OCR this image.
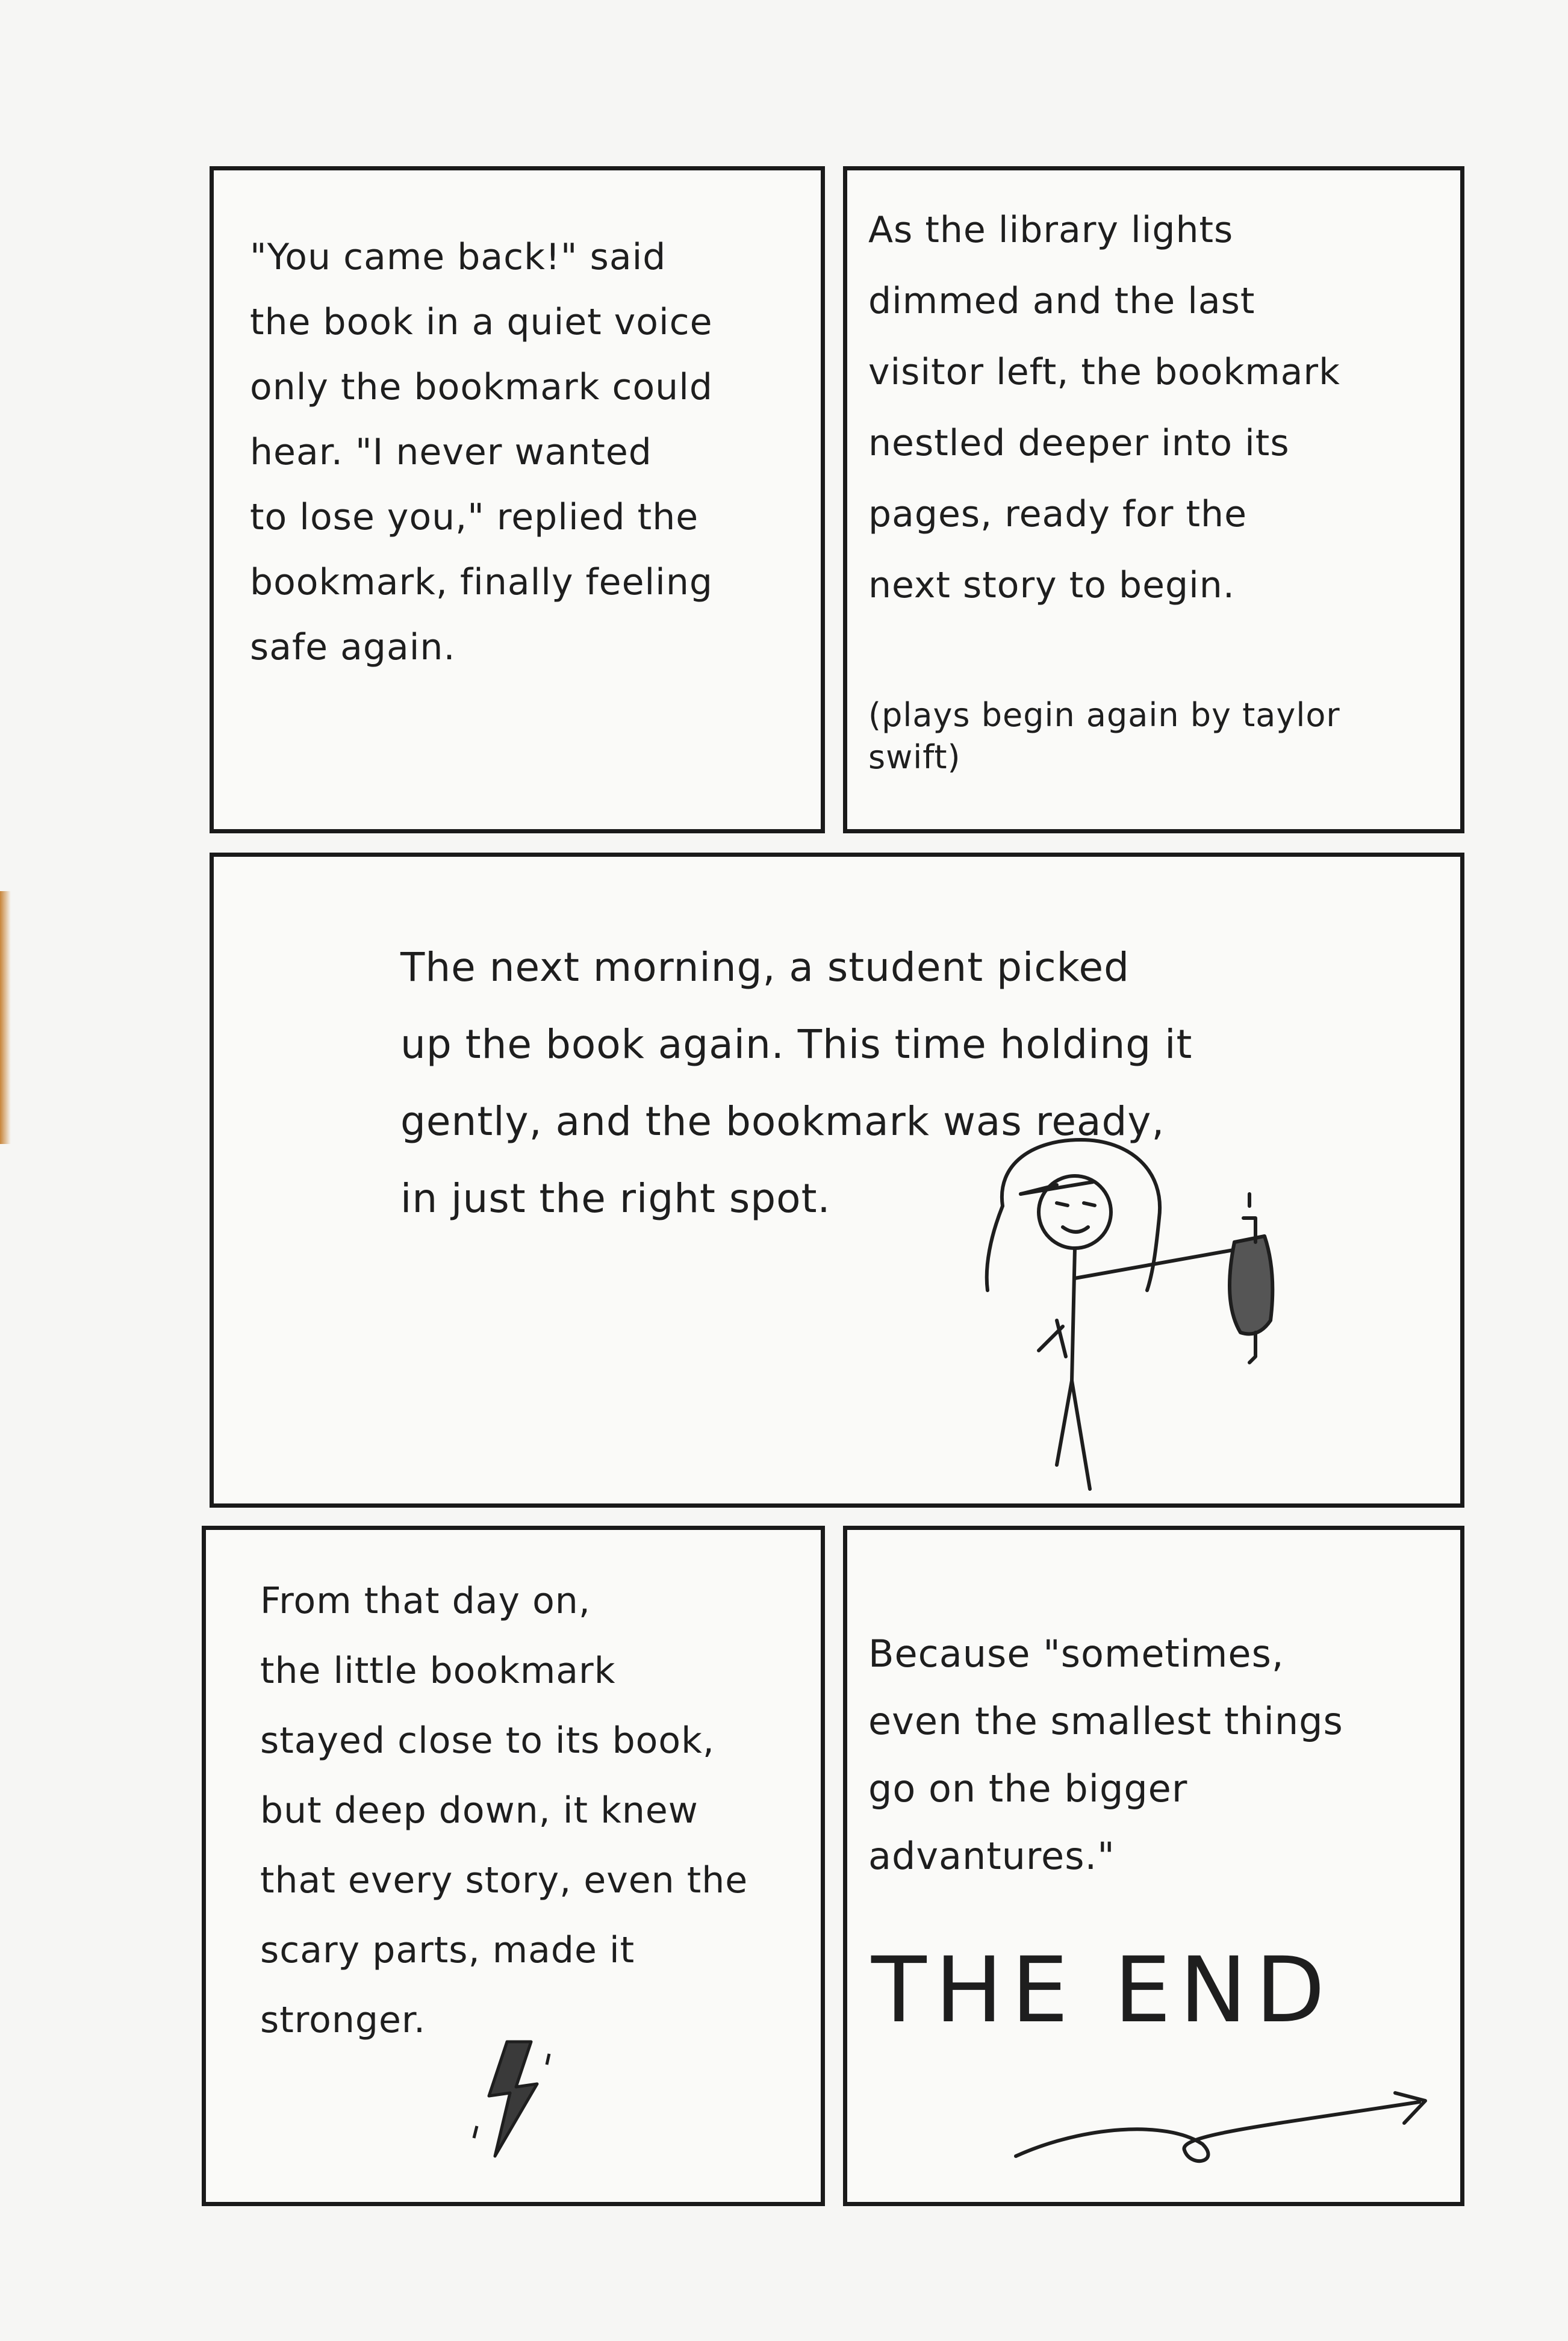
"You came back!" said
the book in a quiet voice
only the bookmark could
hear. "I never wanted
to lose you," replied the
bookmark, finally feeling
safe again.
As the library lights
dimmed and the last
visitor left, the bookmark
nestled deeper into its
pages, ready for the
next story to begin.
(plays begin again by taylor
swift)
The next morning, a student picked
up the book again. This time holding it
gently, and the bookmark was ready,
in just the right spot.
From that day on,
the little bookmark
stayed close to its book,
but deep down, it knew
that every story, even the
scary parts, made it
stronger.
Because "sometimes,
even the smallest things
go on the bigger
advantures."
THE END
